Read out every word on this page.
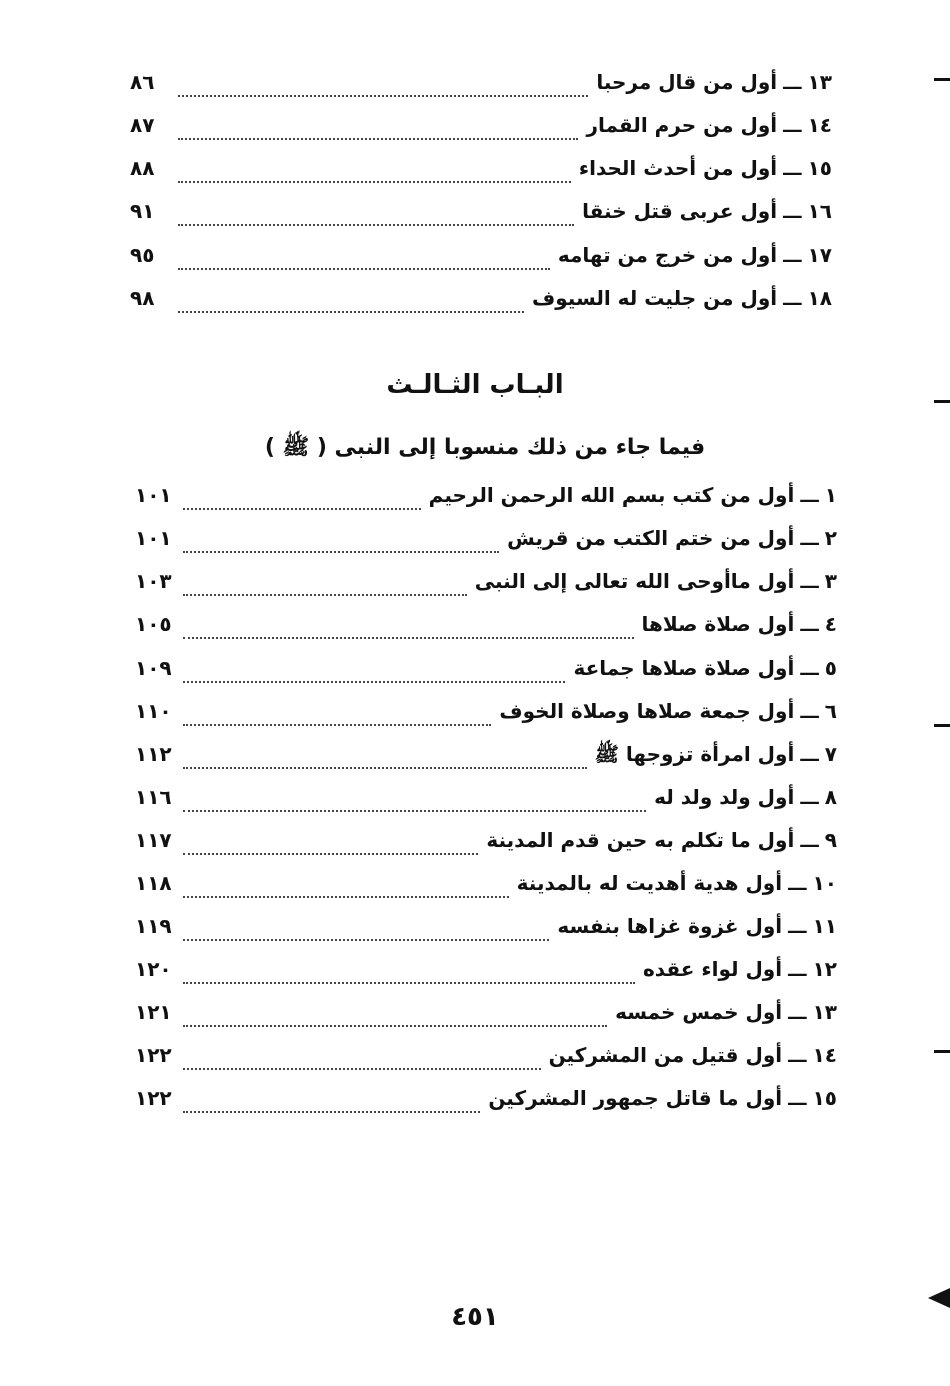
١٣
ـــ
أول من قال مرحبا
٨٦
١٤
ـــ
أول من حرم القمار
٨٧
١٥
ـــ
أول من أحدث الحداء
٨٨
١٦
ـــ
أول عربى قتل خنقا
٩١
١٧
ـــ
أول من خرج من تهامه
٩٥
١٨
ـــ
أول من جليت له السيوف
٩٨
البـاب الثـالـث
فيما جاء من ذلك منسوبا إلى النبى ( ﷺ )
١
ـــ
أول من كتب بسم الله الرحمن الرحيم
١٠١
٢
ـــ
أول من ختم الكتب من قريش
١٠١
٣
ـــ
أول ماأوحى الله تعالى إلى النبى
١٠٣
٤
ـــ
أول صلاة صلاها
١٠٥
٥
ـــ
أول صلاة صلاها جماعة
١٠٩
٦
ـــ
أول جمعة صلاها وصلاة الخوف
١١٠
٧
ـــ
أول امرأة تزوجها ﷺ
١١٢
٨
ـــ
أول ولد ولد له
١١٦
٩
ـــ
أول ما تكلم به حين قدم المدينة
١١٧
١٠
ـــ
أول هدية أهديت له بالمدينة
١١٨
١١
ـــ
أول غزوة غزاها بنفسه
١١٩
١٢
ـــ
أول لواء عقده
١٢٠
١٣
ـــ
أول خمس خمسه
١٢١
١٤
ـــ
أول قتيل من المشركين
١٢٢
١٥
ـــ
أول ما قاتل جمهور المشركين
١٢٢
٤٥١
